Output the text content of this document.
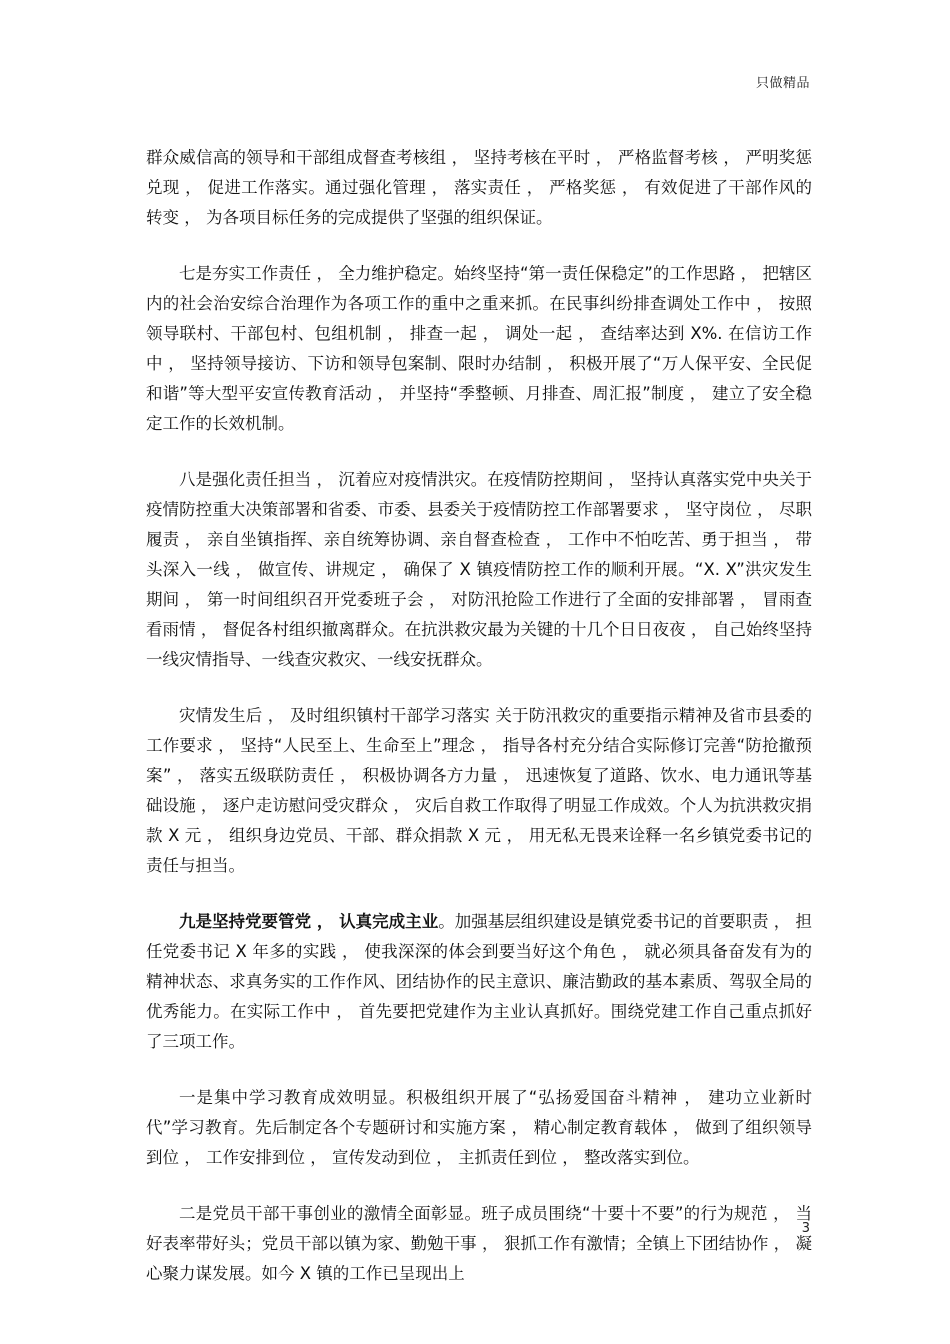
只做精品

群众威信高的领导和干部组成督查考核组 ， 坚持考核在平时 ， 严格监督考核 ， 严明奖惩兑现 ， 促进工作落实。通过强化管理 ， 落实责任 ， 严格奖惩 ， 有效促进了干部作风的转变 ， 为各项目标任务的完成提供了坚强的组织保证。

七是夯实工作责任 ， 全力维护稳定。始终坚持“第一责任保稳定”的工作思路 ， 把辖区内的社会治安综合治理作为各项工作的重中之重来抓。在民事纠纷排查调处工作中 ， 按照领导联村、干部包村、包组机制 ， 排查一起 ， 调处一起 ， 查结率达到 X%. 在信访工作中 ， 坚持领导接访、下访和领导包案制、限时办结制 ， 积极开展了“万人保平安、全民促和谐”等大型平安宣传教育活动 ， 并坚持“季整顿、月排查、周汇报”制度 ， 建立了安全稳定工作的长效机制。

八是强化责任担当 ， 沉着应对疫情洪灾。在疫情防控期间 ， 坚持认真落实党中央关于疫情防控重大决策部署和省委、市委、县委关于疫情防控工作部署要求 ， 坚守岗位 ， 尽职履责 ， 亲自坐镇指挥、亲自统筹协调、亲自督查检查 ， 工作中不怕吃苦、勇于担当 ， 带头深入一线 ， 做宣传、讲规定 ， 确保了 X 镇疫情防控工作的顺利开展。“X. X”洪灾发生期间 ， 第一时间组织召开党委班子会 ， 对防汛抢险工作进行了全面的安排部署 ， 冒雨查看雨情 ， 督促各村组织撤离群众。在抗洪救灾最为关键的十几个日日夜夜 ， 自己始终坚持一线灾情指导、一线查灾救灾、一线安抚群众。

灾情发生后 ， 及时组织镇村干部学习落实 关于防汛救灾的重要指示精神及省市县委的工作要求 ， 坚持“人民至上、生命至上”理念 ， 指导各村充分结合实际修订完善“防抢撤预案” ， 落实五级联防责任 ， 积极协调各方力量 ， 迅速恢复了道路、饮水、电力通讯等基础设施 ， 逐户走访慰问受灾群众 ， 灾后自救工作取得了明显工作成效。个人为抗洪救灾捐款 X 元 ， 组织身边党员、干部、群众捐款 X 元 ， 用无私无畏来诠释一名乡镇党委书记的责任与担当。

九是坚持党要管党 ， 认真完成主业。加强基层组织建设是镇党委书记的首要职责 ， 担任党委书记 X 年多的实践 ， 使我深深的体会到要当好这个角色 ， 就必须具备奋发有为的精神状态、求真务实的工作作风、团结协作的民主意识、廉洁勤政的基本素质、驾驭全局的优秀能力。在实际工作中 ， 首先要把党建作为主业认真抓好。围绕党建工作自己重点抓好了三项工作。

一是集中学习教育成效明显。积极组织开展了“弘扬爱国奋斗精神 ， 建功立业新时代”学习教育。先后制定各个专题研讨和实施方案 ， 精心制定教育载体 ， 做到了组织领导到位 ， 工作安排到位 ， 宣传发动到位 ， 主抓责任到位 ， 整改落实到位。

二是党员干部干事创业的激情全面彰显。班子成员围绕“十要十不要”的行为规范 ， 当好表率带好头；党员干部以镇为家、勤勉干事 ， 狠抓工作有激情；全镇上下团结协作 ， 凝心聚力谋发展。如今 X 镇的工作已呈现出上

3
